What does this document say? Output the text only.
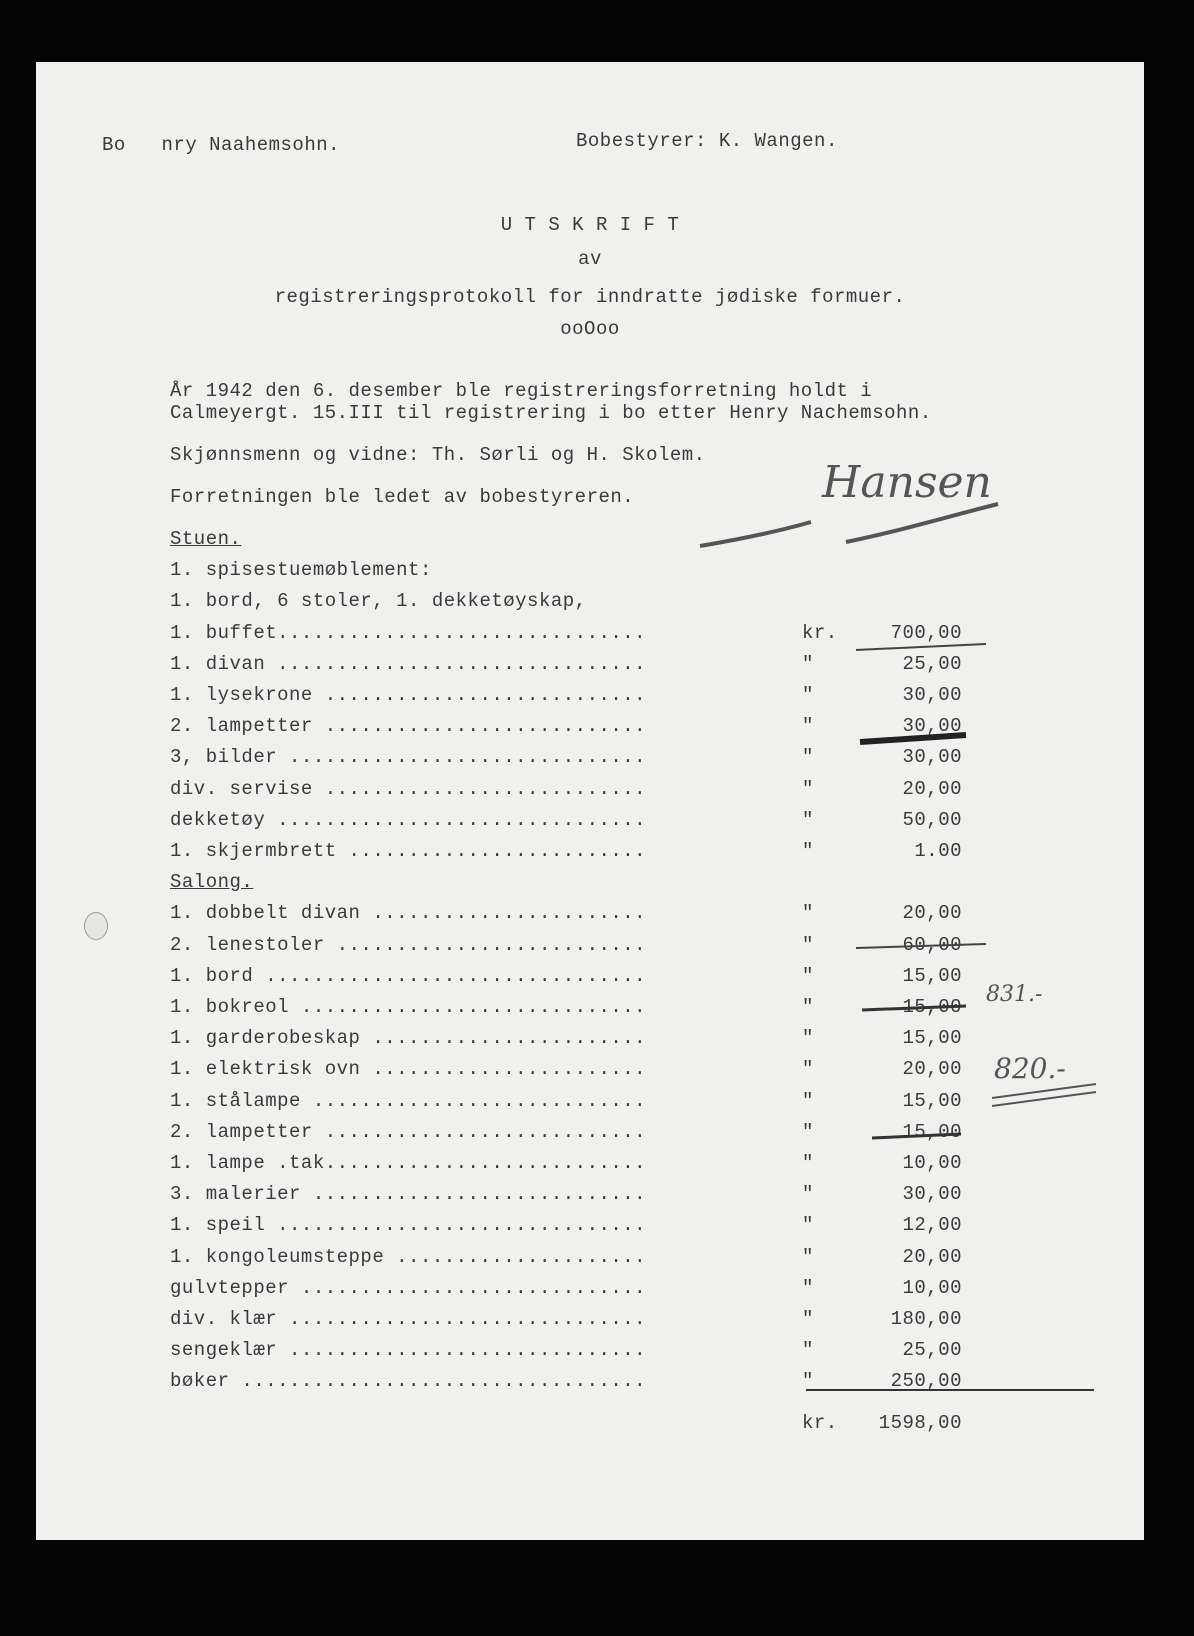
Bo   nry Naahemsohn.	Bobestyrer: K. Wangen.
U T S K R I F T
av
registreringsprotokoll for inndratte jødiske formuer.
ooOoo
År 1942 den 6. desember ble registreringsforretning holdt i
Calmeyergt. 15.III til registrering i bo etter Henry Nachemsohn.
Skjønnsmenn og vidne: Th. Sørli og H. Skolem.
Forretningen ble ledet av bobestyreren.	Hansen
Stuen.
1. spisestuemøblement:
1. bord, 6 stoler, 1. dekketøyskap,
1. buffet...............................	kr.	700,00
1. divan ...............................	"	25,00
1. lysekrone ...........................	"	30,00
2. lampetter ...........................	"	30,00
3, bilder ..............................	"	30,00
div. servise ...........................	"	20,00
dekketøy ...............................	"	50,00
1. skjermbrett .........................	"	1.00
Salong.
1. dobbelt divan .......................	"	20,00
2. lenestoler ..........................	"	60,00
1. bord ................................	"	15,00
1. bokreol .............................	"	15,00
1. garderobeskap .......................	"	15,00
1. elektrisk ovn .......................	"	20,00
1. stålampe ............................	"	15,00
2. lampetter ...........................	"	15,00
1. lampe .tak...........................	"	10,00
3. malerier ............................	"	30,00
1. speil ...............................	"	12,00
1. kongoleumsteppe .....................	"	20,00
gulvtepper .............................	"	10,00
div. klær ..............................	"	180,00
sengeklær ..............................	"	25,00
bøker ..................................	"	250,00
kr.	1598,00
831.-
820.-
